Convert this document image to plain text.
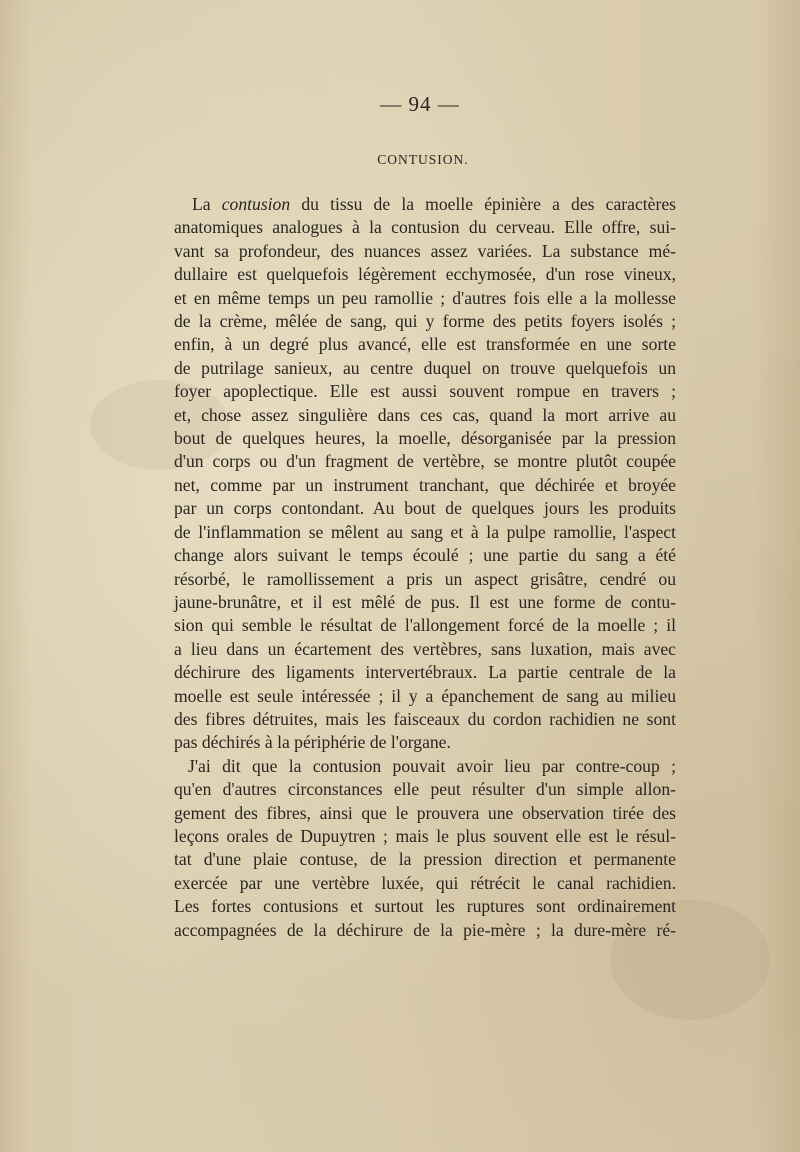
— 94 —
CONTUSION.
La contusion du tissu de la moelle épinière a des caractères
anatomiques analogues à la contusion du cerveau. Elle offre, sui-
vant sa profondeur, des nuances assez variées. La substance mé-
dullaire est quelquefois légèrement ecchymosée, d'un rose vineux,
et en même temps un peu ramollie ; d'autres fois elle a la mollesse
de la crème, mêlée de sang, qui y forme des petits foyers isolés ;
enfin, à un degré plus avancé, elle est transformée en une sorte
de putrilage sanieux, au centre duquel on trouve quelquefois un
foyer apoplectique. Elle est aussi souvent rompue en travers ;
et, chose assez singulière dans ces cas, quand la mort arrive au
bout de quelques heures, la moelle, désorganisée par la pression
d'un corps ou d'un fragment de vertèbre, se montre plutôt coupée
net, comme par un instrument tranchant, que déchirée et broyée
par un corps contondant. Au bout de quelques jours les produits
de l'inflammation se mêlent au sang et à la pulpe ramollie, l'aspect
change alors suivant le temps écoulé ; une partie du sang a été
résorbé, le ramollissement a pris un aspect grisâtre, cendré ou
jaune-brunâtre, et il est mêlé de pus. Il est une forme de contu-
sion qui semble le résultat de l'allongement forcé de la moelle ; il
a lieu dans un écartement des vertèbres, sans luxation, mais avec
déchirure des ligaments intervertébraux. La partie centrale de la
moelle est seule intéressée ; il y a épanchement de sang au milieu
des fibres détruites, mais les faisceaux du cordon rachidien ne sont
pas déchirés à la périphérie de l'organe.
J'ai dit que la contusion pouvait avoir lieu par contre-coup ;
qu'en d'autres circonstances elle peut résulter d'un simple allon-
gement des fibres, ainsi que le prouvera une observation tirée des
leçons orales de Dupuytren ; mais le plus souvent elle est le résul-
tat d'une plaie contuse, de la pression direction et permanente
exercée par une vertèbre luxée, qui rétrécit le canal rachidien.
Les fortes contusions et surtout les ruptures sont ordinairement
accompagnées de la déchirure de la pie-mère ; la dure-mère ré-
